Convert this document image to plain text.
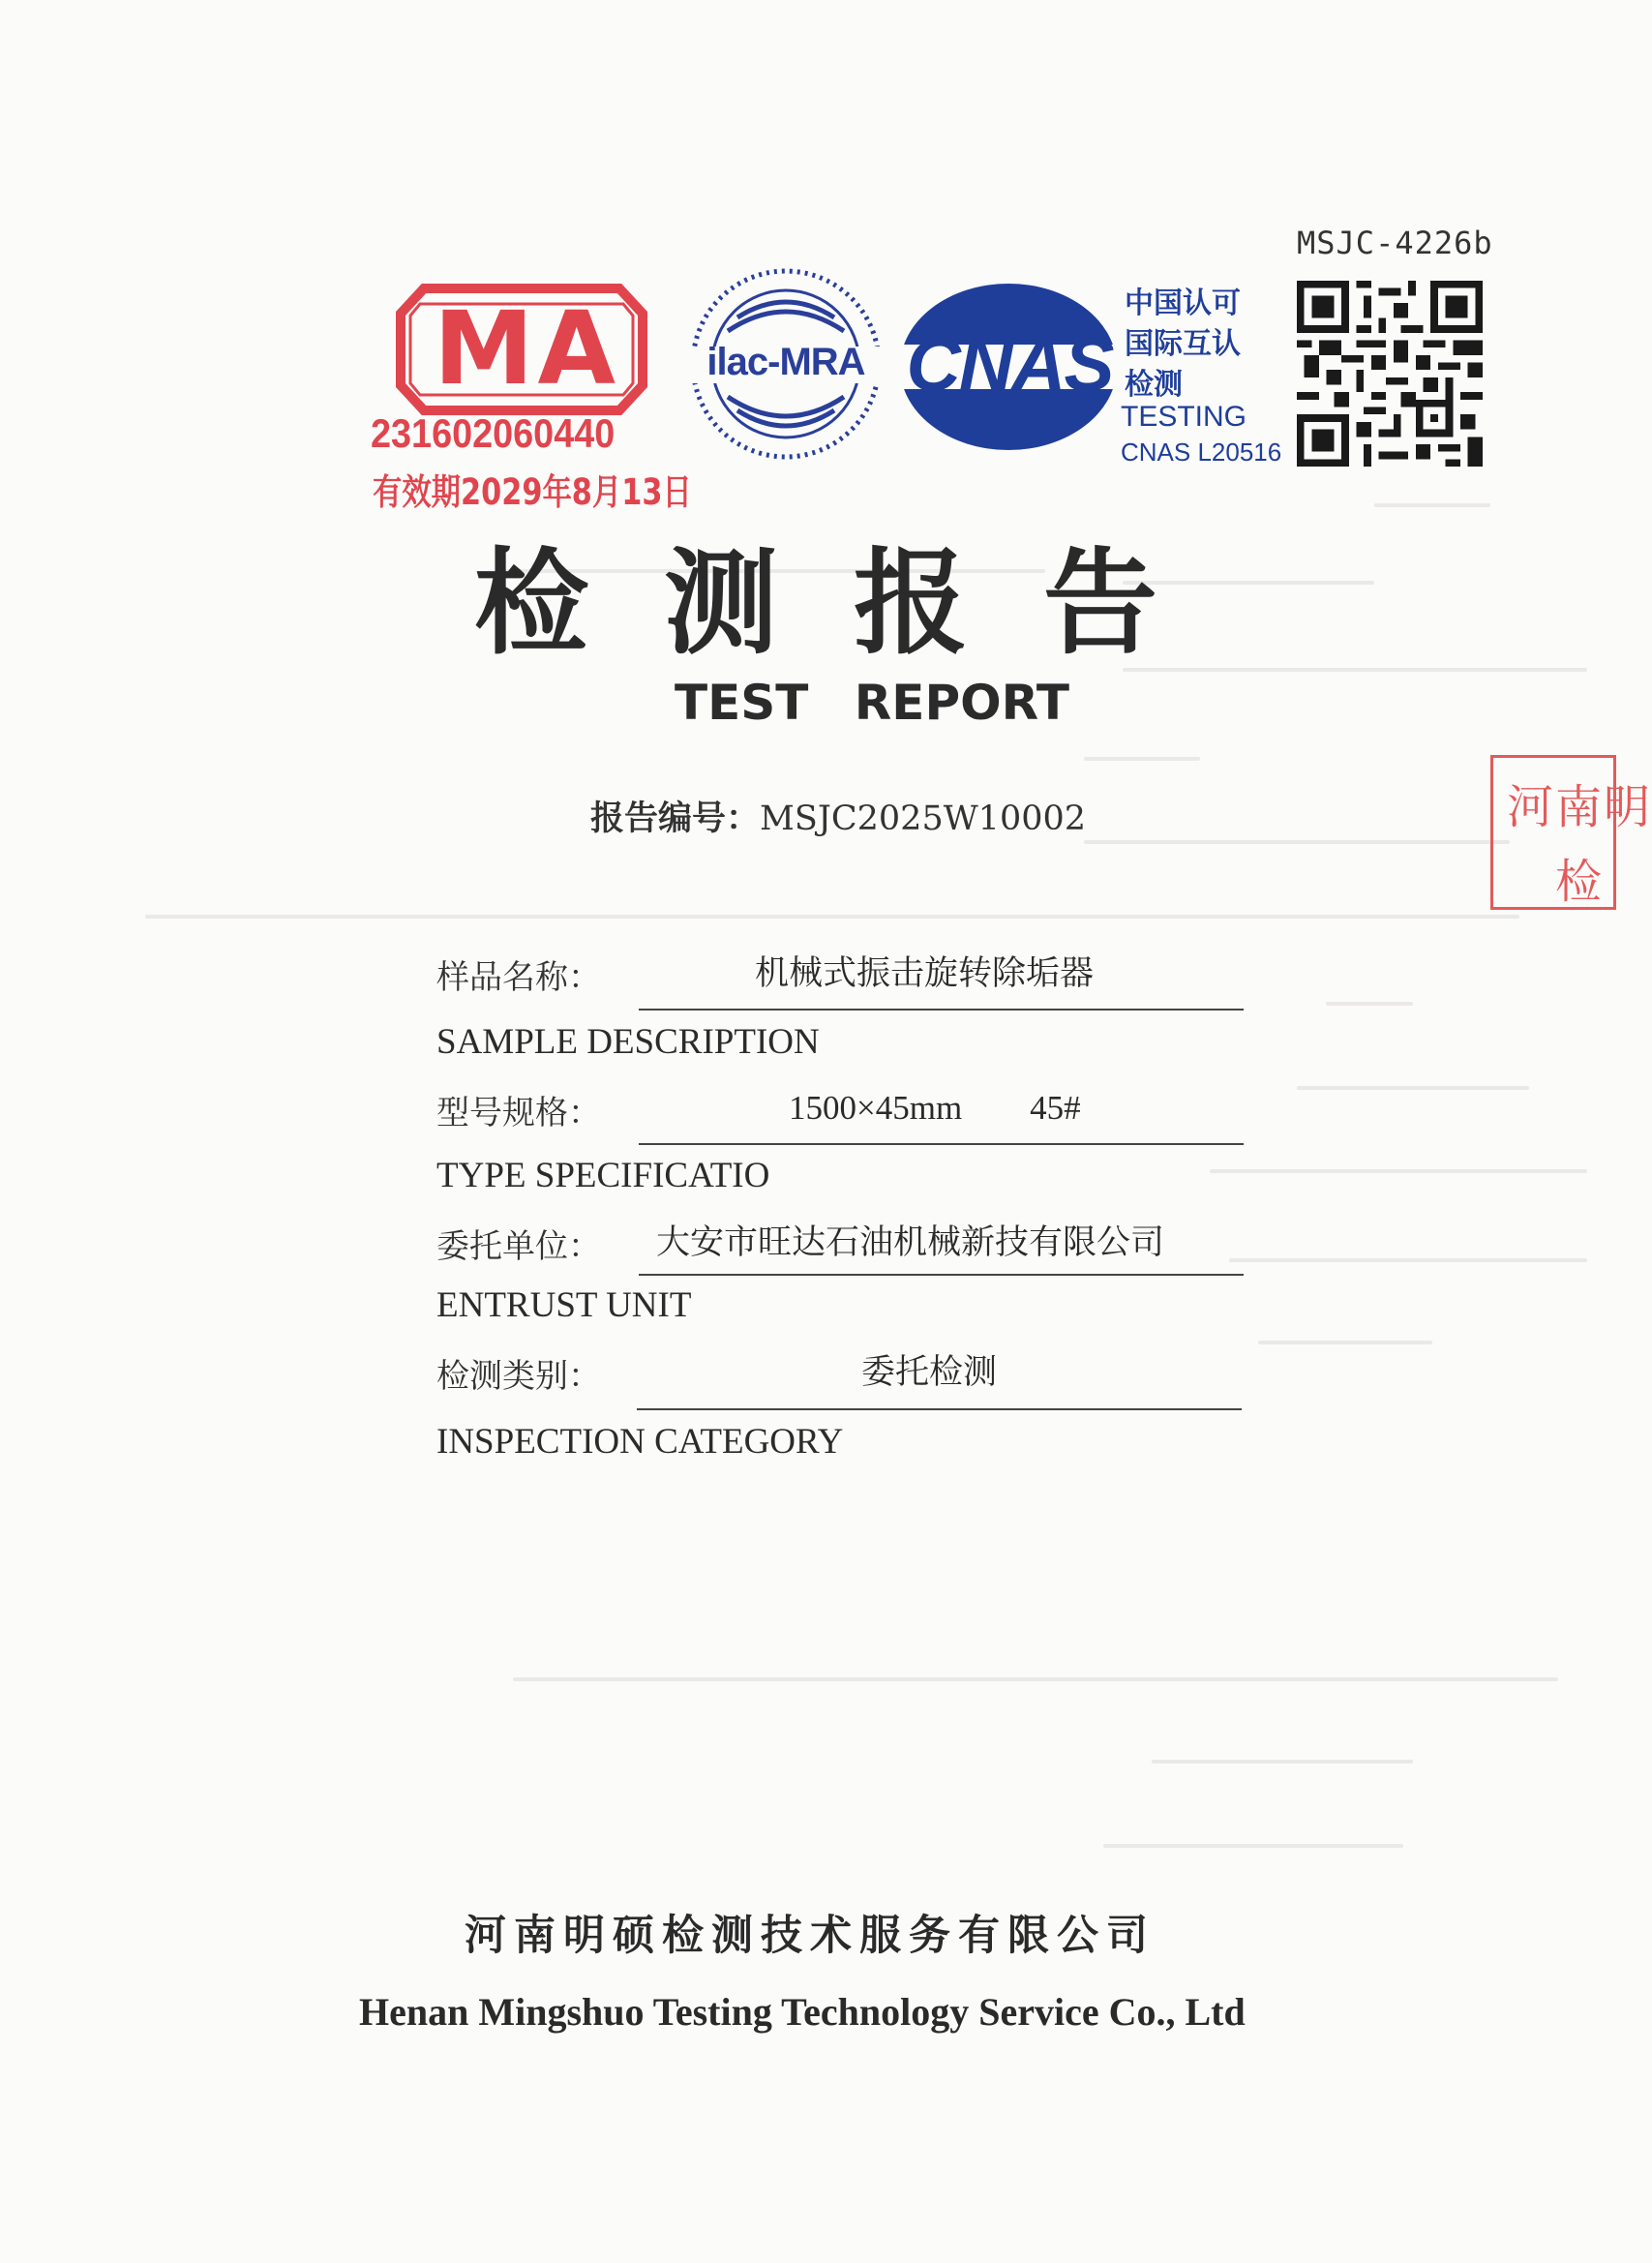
MSJC-4226b
MA
231602060440
有效期2029年8月13日
ilac-MRA CNAS
中国认可
国际互认
检测
TESTING
CNAS L20516
河南明
检
检测报告
TEST REPORT
报告编号：MSJC2025W10002
样品名称：	机械式振击旋转除垢器
SAMPLE DESCRIPTION
型号规格：	1500×45mm　　45#
TYPE SPECIFICATIO
委托单位： 大安市旺达石油机械新技有限公司
ENTRUST UNIT
检测类别：	委托检测
INSPECTION CATEGORY
河南明硕检测技术服务有限公司
Henan Mingshuo Testing Technology Service Co., Ltd
